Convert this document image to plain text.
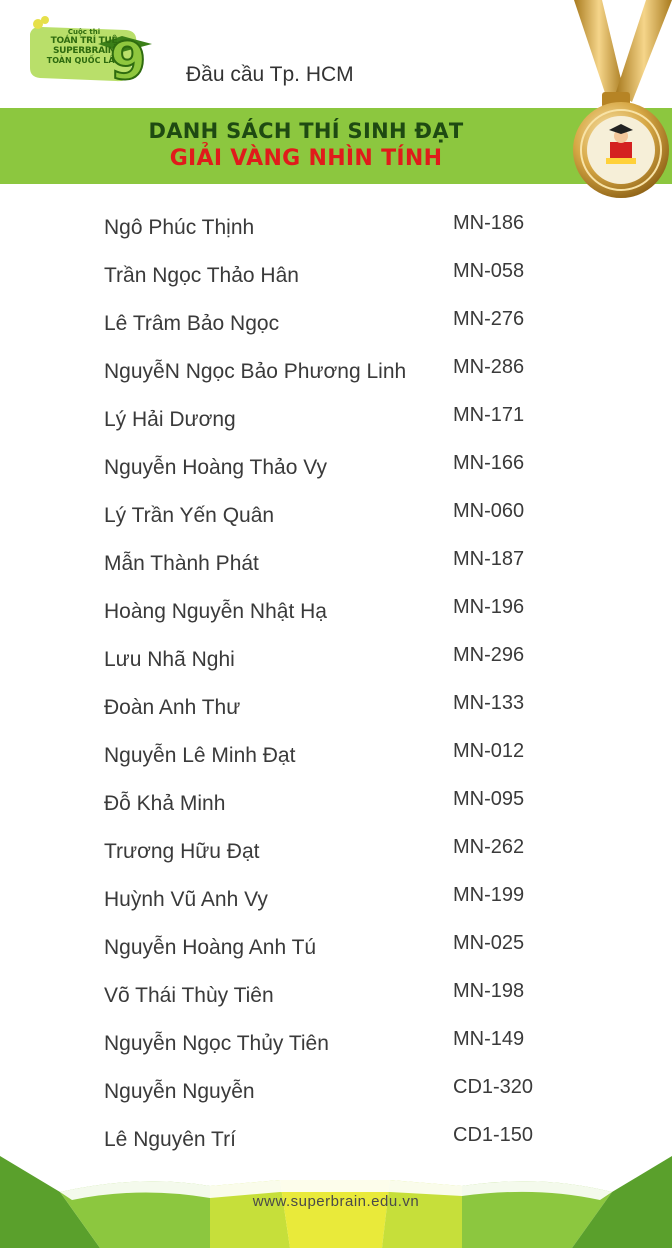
Cuộc thi
TOÁN TRÍ TUỆ
SUPERBRAIN
TOÀN QUỐC LẦN
9 Đầu cầu Tp. HCM
DANH SÁCH THÍ SINH ĐẠT
GIẢI VÀNG NHÌN TÍNH
Ngô Phúc Thịnh	MN-186
Trần Ngọc Thảo Hân	MN-058
Lê Trâm Bảo Ngọc	MN-276
NguyễN Ngọc Bảo Phương Linh MN-286
Lý Hải Dương	MN-171
Nguyễn Hoàng Thảo Vy	MN-166
Lý Trần Yến Quân	MN-060
Mẫn Thành Phát	MN-187
Hoàng Nguyễn Nhật Hạ	MN-196
Lưu Nhã Nghi	MN-296
Đoàn Anh Thư	MN-133
Nguyễn Lê Minh Đạt	MN-012
Đỗ Khả Minh	MN-095
Trương Hữu Đạt	MN-262
Huỳnh Vũ Anh Vy	MN-199
Nguyễn Hoàng Anh Tú	MN-025
Võ Thái Thùy Tiên	MN-198
Nguyễn Ngọc Thủy Tiên	MN-149
Nguyễn Nguyễn	CD1-320
Lê Nguyên Trí	CD1-150
www.superbrain.edu.vn
